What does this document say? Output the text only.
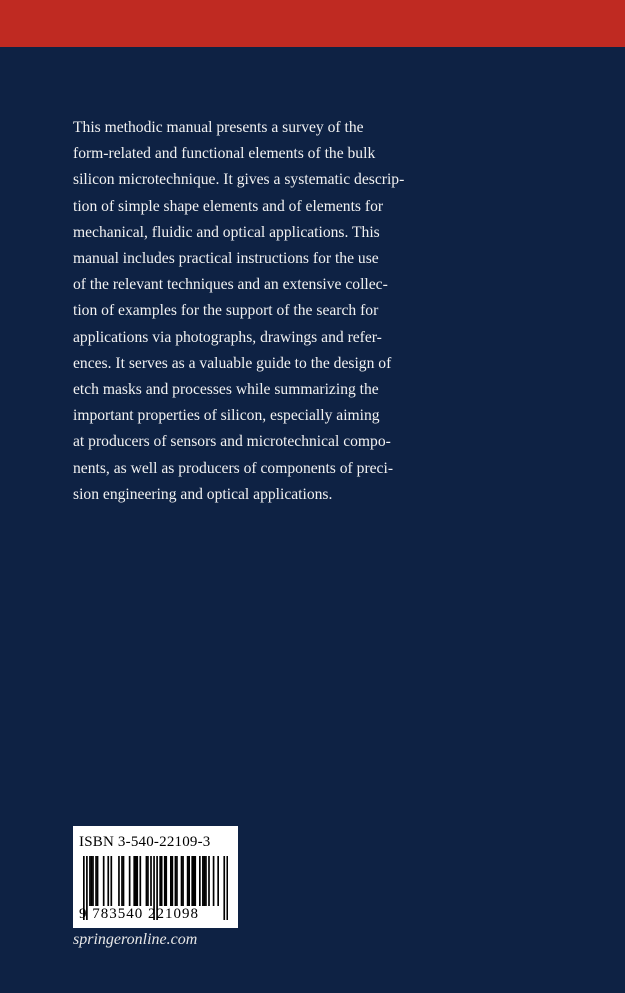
This methodic manual presents a survey of the
form-related and functional elements of the bulk
silicon microtechnique. It gives a systematic descrip-
tion of simple shape elements and of elements for
mechanical, fluidic and optical applications. This
manual includes practical instructions for the use
of the relevant techniques and an extensive collec-
tion of examples for the support of the search for
applications via photographs, drawings and refer-
ences. It serves as a valuable guide to the design of
etch masks and processes while summarizing the
important properties of silicon, especially aiming
at producers of sensors and microtechnical compo-
nents, as well as producers of components of preci-
sion engineering and optical applications.

ISBN 3-540-22109-3
9 783540 221098
springeronline.com
